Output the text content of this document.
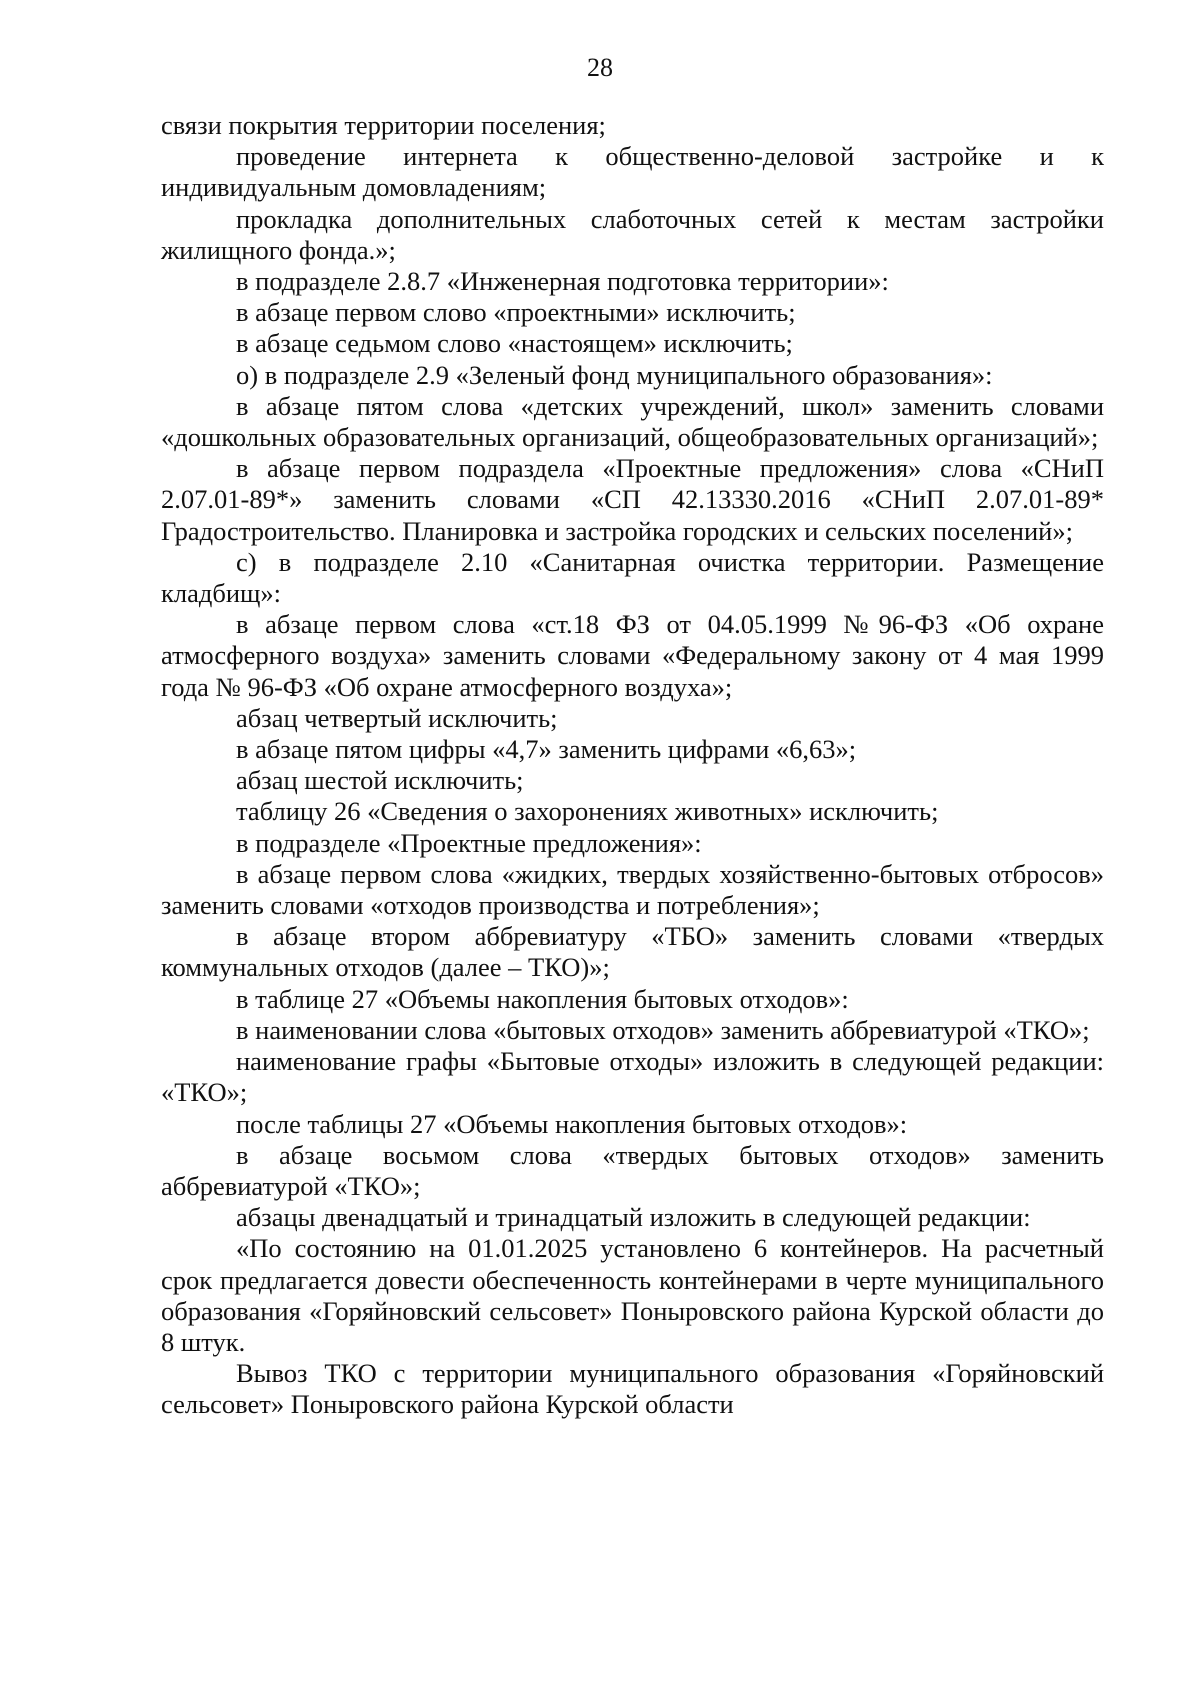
28

связи покрытия территории поселения;

проведение интернета к общественно-деловой застройке и к индивидуальным домовладениям;

прокладка дополнительных слаботочных сетей к местам застройки жилищного фонда.»;

в подразделе 2.8.7 «Инженерная подготовка территории»:

в абзаце первом слово «проектными» исключить;

в абзаце седьмом слово «настоящем» исключить;

о) в подразделе 2.9 «Зеленый фонд муниципального образования»:

в абзаце пятом слова «детских учреждений, школ» заменить словами «дошкольных образовательных организаций, общеобразовательных организаций»;

в абзаце первом подраздела «Проектные предложения» слова «СНиП 2.07.01-89*» заменить словами «СП 42.13330.2016 «СНиП 2.07.01-89* Градостроительство. Планировка и застройка городских и сельских поселений»;

с) в подразделе 2.10 «Санитарная очистка территории. Размещение кладбищ»:

в абзаце первом слова «ст.18 ФЗ от 04.05.1999 №96-ФЗ «Об охране атмосферного воздуха» заменить словами «Федеральному закону от 4 мая 1999 года № 96-ФЗ «Об охране атмосферного воздуха»;

абзац четвертый исключить;

в абзаце пятом цифры «4,7» заменить цифрами «6,63»;

абзац шестой исключить;

таблицу 26 «Сведения о захоронениях животных» исключить;

в подразделе «Проектные предложения»:

в абзаце первом слова «жидких, твердых хозяйственно-бытовых отбросов» заменить словами «отходов производства и потребления»;

в абзаце втором аббревиатуру «ТБО» заменить словами «твердых коммунальных отходов (далее – ТКО)»;

в таблице 27 «Объемы накопления бытовых отходов»:

в наименовании слова «бытовых отходов» заменить аббревиатурой «ТКО»;

наименование графы «Бытовые отходы» изложить в следующей редакции: «ТКО»;

после таблицы 27 «Объемы накопления бытовых отходов»:

в абзаце восьмом слова «твердых бытовых отходов» заменить аббревиатурой «ТКО»;

абзацы двенадцатый и тринадцатый изложить в следующей редакции:

«По состоянию на 01.01.2025 установлено 6 контейнеров. На расчетный срок предлагается довести обеспеченность контейнерами в черте муниципального образования «Горяйновский сельсовет» Поныровского района Курской области до 8 штук.

Вывоз ТКО с территории муниципального образования «Горяйновский сельсовет» Поныровского района Курской области
